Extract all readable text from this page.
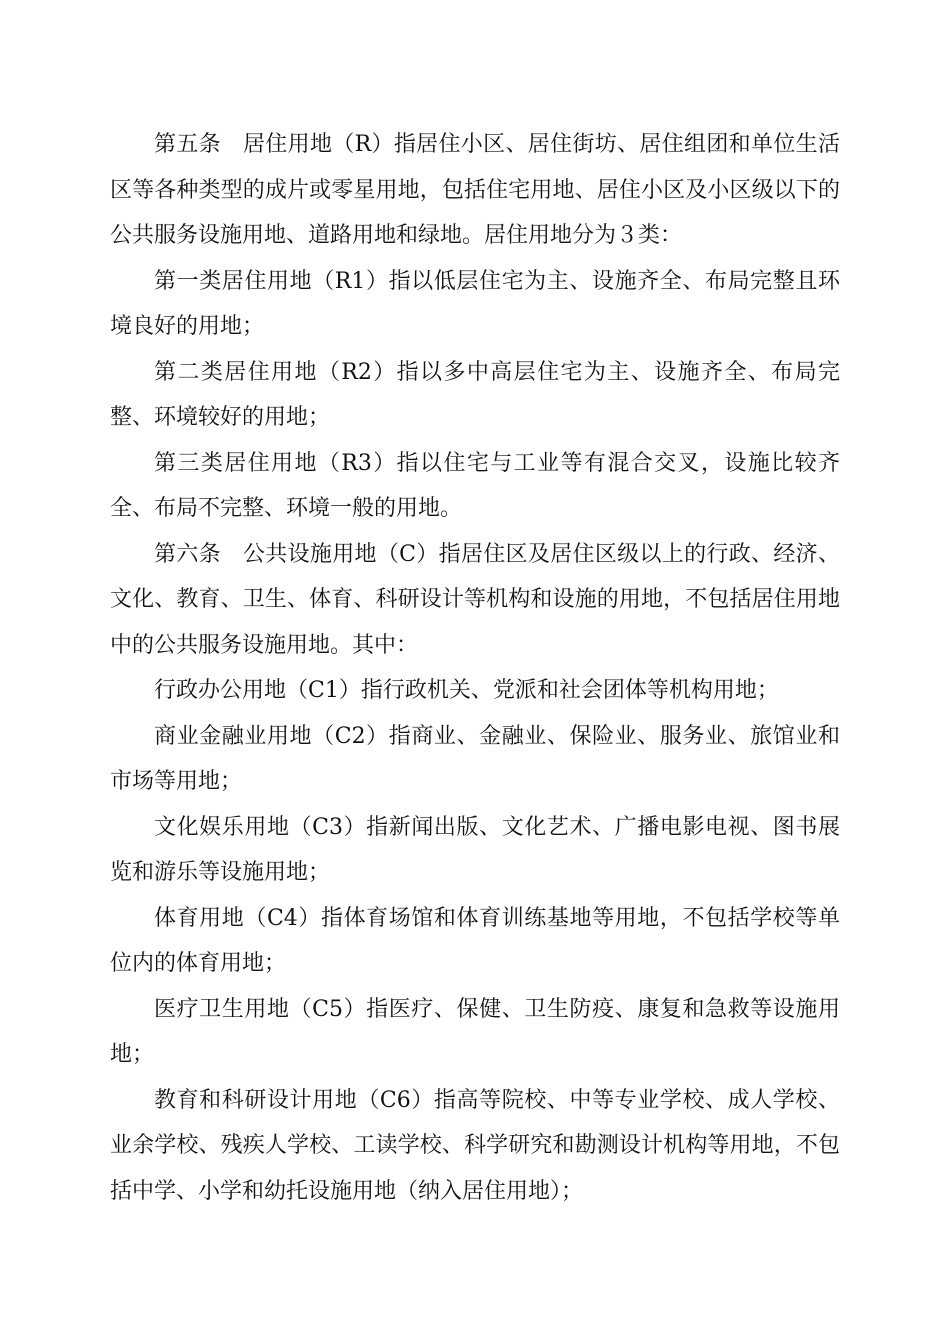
第五条 居住用地（R）指居住小区、居住街坊、居住组团和单位生活区等各种类型的成片或零星用地，包括住宅用地、居住小区及小区级以下的公共服务设施用地、道路用地和绿地。居住用地分为３类：

第一类居住用地（R1）指以低层住宅为主、设施齐全、布局完整且环境良好的用地；

第二类居住用地（R2）指以多中高层住宅为主、设施齐全、布局完整、环境较好的用地；

第三类居住用地（R3）指以住宅与工业等有混合交叉，设施比较齐全、布局不完整、环境一般的用地。

第六条 公共设施用地（C）指居住区及居住区级以上的行政、经济、文化、教育、卫生、体育、科研设计等机构和设施的用地，不包括居住用地中的公共服务设施用地。其中：

行政办公用地（C1）指行政机关、党派和社会团体等机构用地；

商业金融业用地（C2）指商业、金融业、保险业、服务业、旅馆业和市场等用地；

文化娱乐用地（C3）指新闻出版、文化艺术、广播电影电视、图书展览和游乐等设施用地；

体育用地（C4）指体育场馆和体育训练基地等用地，不包括学校等单位内的体育用地；

医疗卫生用地（C5）指医疗、保健、卫生防疫、康复和急救等设施用地；

教育和科研设计用地（C6）指高等院校、中等专业学校、成人学校、业余学校、残疾人学校、工读学校、科学研究和勘测设计机构等用地，不包括中学、小学和幼托设施用地（纳入居住用地）；
